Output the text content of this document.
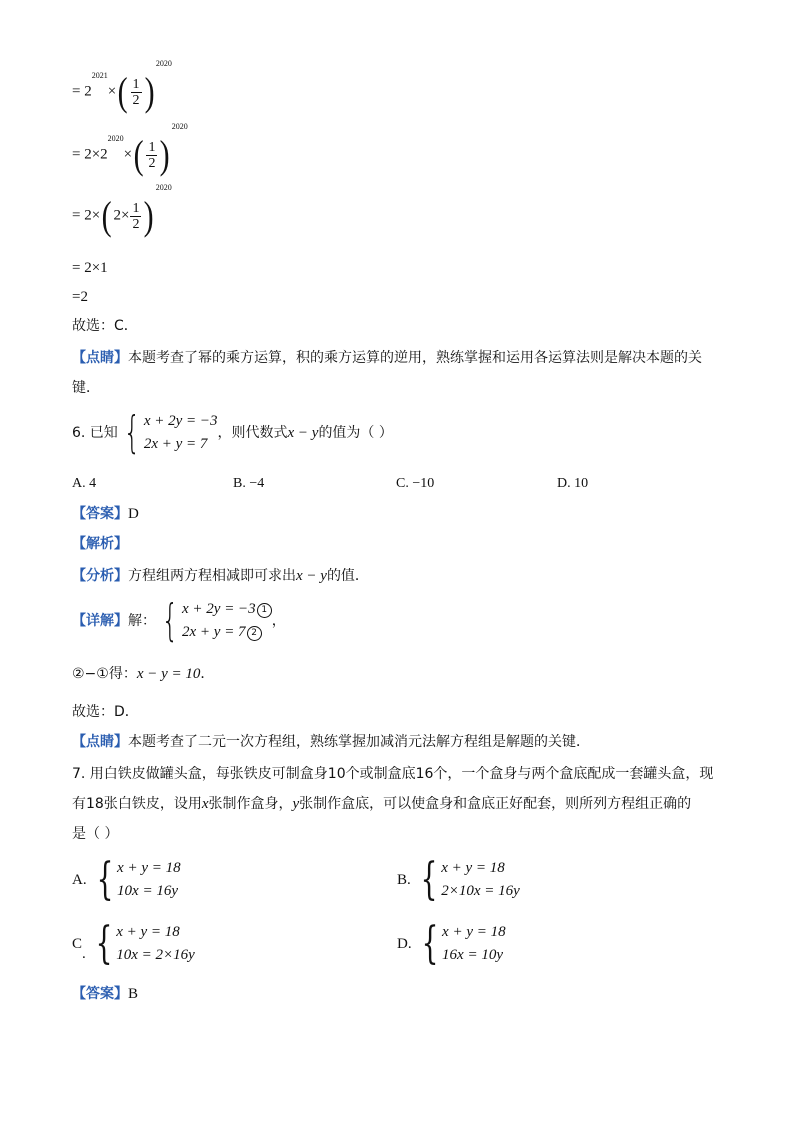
= $2^{2021}\times( \frac{1}{2} )^{2020}$
= $2\times 2^{2020}\times( \frac{1}{2} )^{2020}$
= 2×( $2\times \frac{1}{2} )^{2020}$
= 2×1
=2
故选：C．
【点睛】本题考查了幂的乘方运算，积的乘方运算的逆用，熟练掌握和运用各运算法则是解决本题的关
键．
6. 已知 { x + 2y = −3
2x + y = 7
，则代数式x − y的值为（ ）
A. 4	B. −4	C. −10	D. 10
【答案】D
【解析】
【分析】方程组两方程相减即可求出x − y的值．
【详解】解： { x + 2y = −3 1
2x + y = 7 2
，
②−①得：x − y = 10．
故选：D．
【点睛】本题考查了二元一次方程组，熟练掌握加减消元法解方程组是解题的关键．
7. 用白铁皮做罐头盒，每张铁皮可制盒身10个或制盒底16个，一个盒身与两个盒底配成一套罐头盒，现
有18张白铁皮，设用x张制作盒身，y张制作盒底，可以使盒身和盒底正好配套，则所列方程组正确的
是（ ）
A. { x + y = 18
10x = 16y
B. { x + y = 18
2×10x = 16y
C. { x + y = 18
10x = 2×16y
D. { x + y = 18
16x = 10y
【答案】B
